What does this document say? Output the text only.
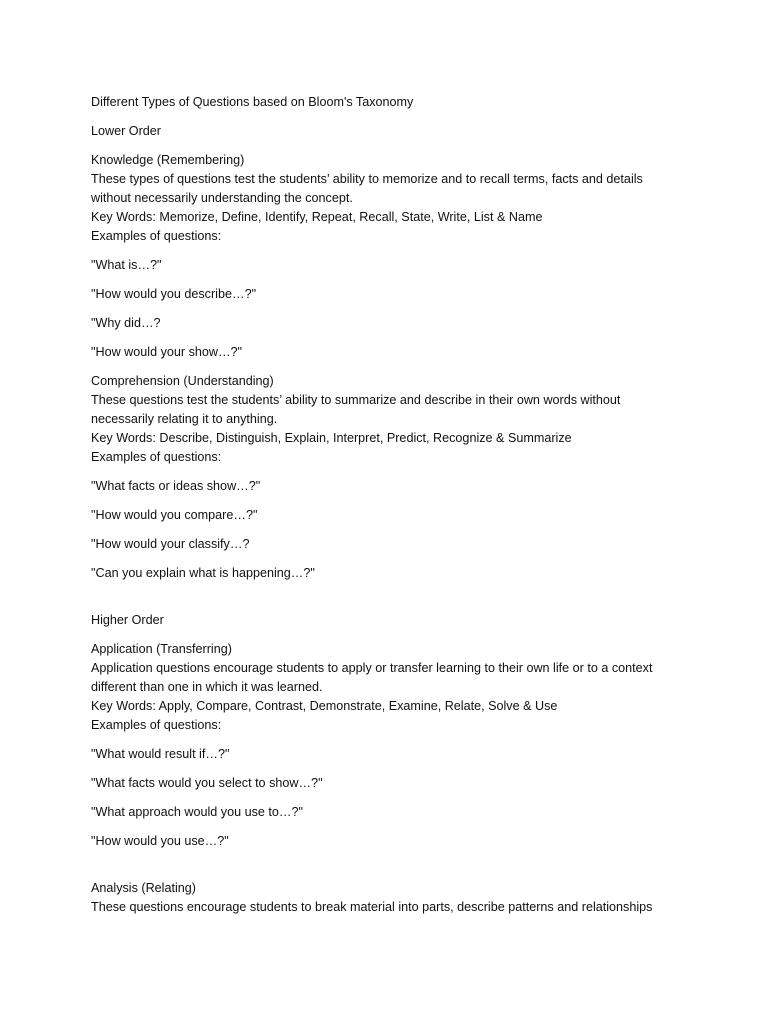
Different Types of Questions based on Bloom's Taxonomy
Lower Order
Knowledge (Remembering)
These types of questions test the students’ ability to memorize and to recall terms, facts and details
without necessarily understanding the concept.
Key Words: Memorize, Define, Identify, Repeat, Recall, State, Write, List & Name
Examples of questions:
"What is…?"
"How would you describe…?"
"Why did…?
"How would your show…?"
Comprehension (Understanding)
These questions test the students’ ability to summarize and describe in their own words without
necessarily relating it to anything.
Key Words: Describe, Distinguish, Explain, Interpret, Predict, Recognize & Summarize
Examples of questions:
"What facts or ideas show…?"
"How would you compare…?"
"How would your classify…?
"Can you explain what is happening…?"
Higher Order
Application (Transferring)
Application questions encourage students to apply or transfer learning to their own life or to a context
different than one in which it was learned.
Key Words: Apply, Compare, Contrast, Demonstrate, Examine, Relate, Solve & Use
Examples of questions:
"What would result if…?"
"What facts would you select to show…?"
"What approach would you use to…?"
"How would you use…?"
Analysis (Relating)
These questions encourage students to break material into parts, describe patterns and relationships
